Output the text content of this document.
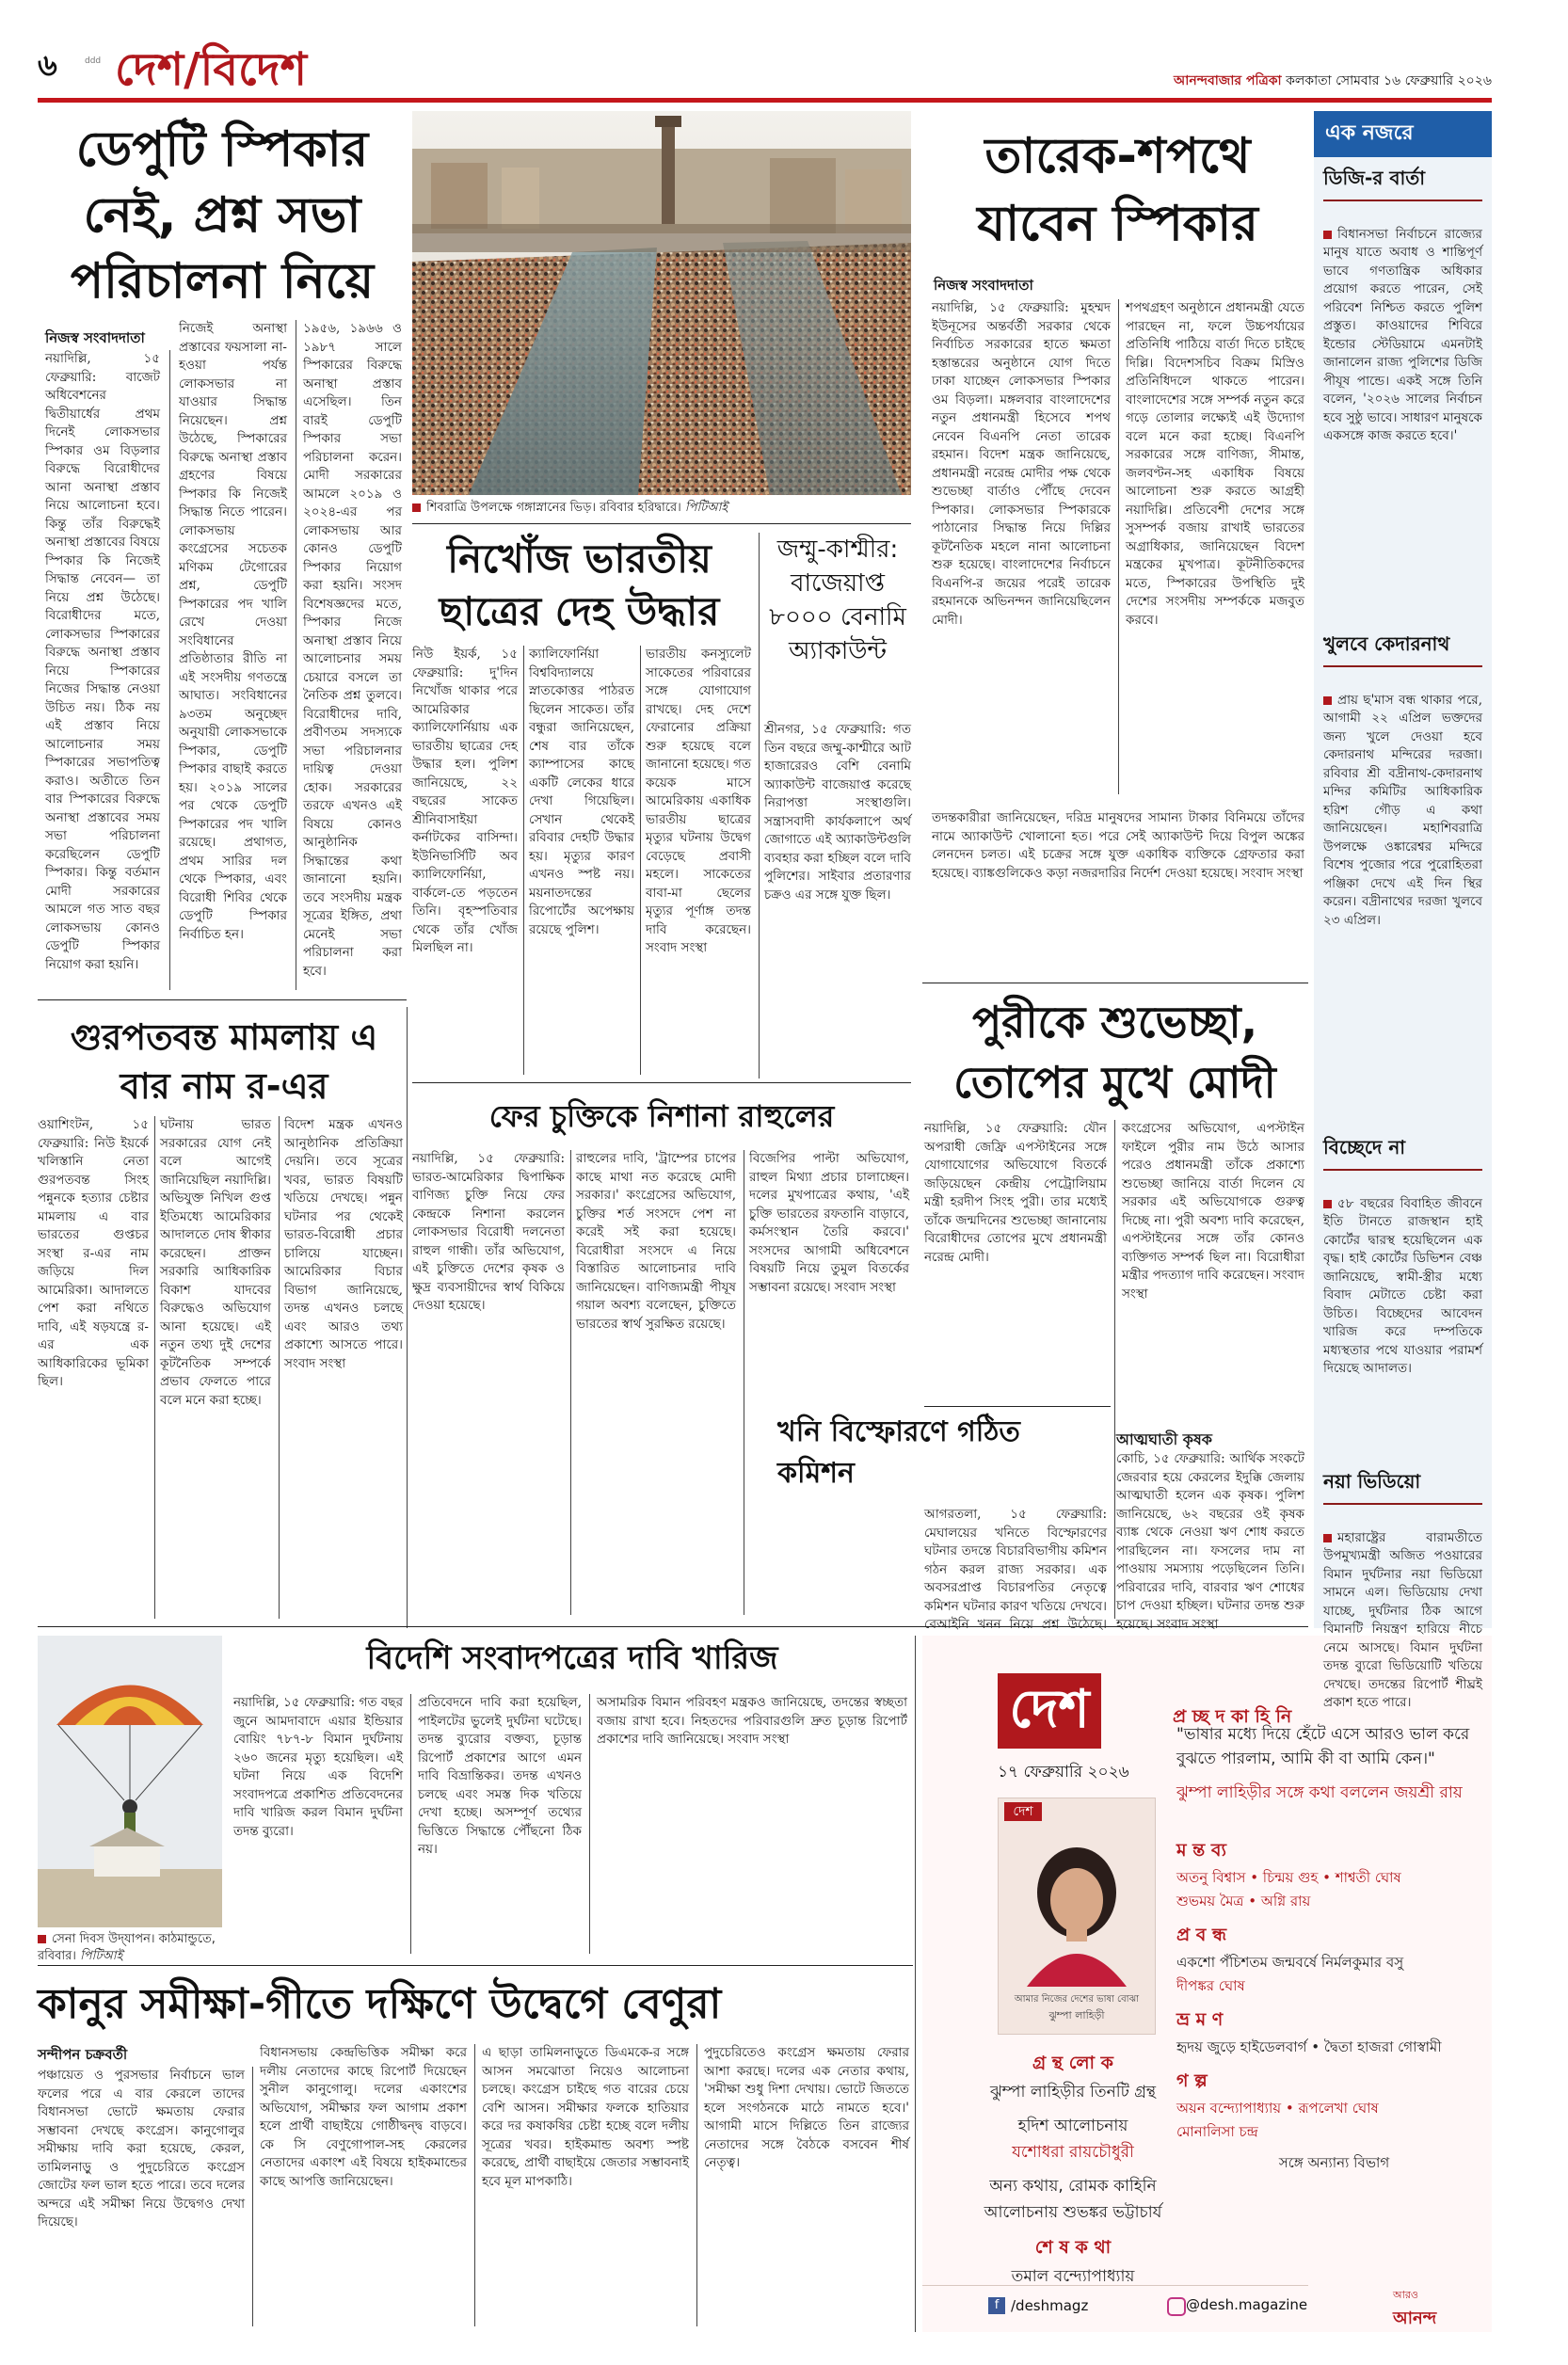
৬	ddd দেশ/বিদেশ	আনন্দবাজার পত্রিকা কলকাতা সোমবার ১৬ ফেব্রুয়ারি ২০২৬
ডেপুটি স্পিকার নেই, প্রশ্ন সভা পরিচালনা নিয়ে
নিজস্ব সংবাদদাতা
নয়াদিল্লি, ১৫ ফেব্রুয়ারি: বাজেট অধিবেশনের দ্বিতীয়ার্ধের প্রথম দিনেই লোকসভার স্পিকার ওম বিড়লার বিরুদ্ধে বিরোধীদের আনা অনাস্থা প্রস্তাব নিয়ে আলোচনা হবে। কিন্তু তাঁর বিরুদ্ধেই অনাস্থা প্রস্তাবের বিষয়ে স্পিকার কি নিজেই সিদ্ধান্ত নেবেন— তা নিয়ে প্রশ্ন উঠেছে। বিরোধীদের মতে, লোকসভার স্পিকারের বিরুদ্ধে অনাস্থা প্রস্তাব নিয়ে স্পিকারের নিজের সিদ্ধান্ত নেওয়া উচিত নয়। ঠিক নয় এই প্রস্তাব নিয়ে আলোচনার সময় স্পিকারের সভাপতিত্ব করাও। অতীতে তিন বার স্পিকারের বিরুদ্ধে অনাস্থা প্রস্তাবের সময় সভা পরিচালনা করেছিলেন ডেপুটি স্পিকার। কিন্তু বর্তমান মোদী সরকারের আমলে গত সাত বছর লোকসভায় কোনও ডেপুটি স্পিকার নিয়োগ করা হয়নি।
নিজেই অনাস্থা প্রস্তাবের ফয়সালা না-হওয়া পর্যন্ত লোকসভার না যাওয়ার সিদ্ধান্ত নিয়েছেন। প্রশ্ন উঠেছে, স্পিকারের বিরুদ্ধে অনাস্থা প্রস্তাব গ্রহণের বিষয়ে স্পিকার কি নিজেই সিদ্ধান্ত নিতে পারেন। লোকসভায় কংগ্রেসের সচেতক মণিকম টেগোরের প্রশ্ন, ডেপুটি স্পিকারের পদ খালি রেখে দেওয়া সংবিধানের প্রতিষ্ঠাতার রীতি না এই সংসদীয় গণতন্ত্রে আঘাত। সংবিধানের ৯৩তম অনুচ্ছেদ অনুযায়ী লোকসভাকে স্পিকার, ডেপুটি স্পিকার বাছাই করতে হয়। ২০১৯ সালের পর থেকে ডেপুটি স্পিকারের পদ খালি রয়েছে। প্রথাগত, প্রথম সারির দল থেকে স্পিকার, এবং বিরোধী শিবির থেকে ডেপুটি স্পিকার নির্বাচিত হন।
১৯৫৬, ১৯৬৬ ও ১৯৮৭ সালে স্পিকারের বিরুদ্ধে অনাস্থা প্রস্তাব এসেছিল। তিন বারই ডেপুটি স্পিকার সভা পরিচালনা করেন। মোদী সরকারের আমলে ২০১৯ ও ২০২৪-এর পর লোকসভায় আর কোনও ডেপুটি স্পিকার নিয়োগ করা হয়নি। সংসদ বিশেষজ্ঞদের মতে, স্পিকার নিজে অনাস্থা প্রস্তাব নিয়ে আলোচনার সময় চেয়ারে বসলে তা নৈতিক প্রশ্ন তুলবে। বিরোধীদের দাবি, প্রবীণতম সদস্যকে সভা পরিচালনার দায়িত্ব দেওয়া হোক। সরকারের তরফে এখনও এই বিষয়ে কোনও আনুষ্ঠানিক সিদ্ধান্তের কথা জানানো হয়নি। তবে সংসদীয় মন্ত্রক সূত্রের ইঙ্গিত, প্রথা মেনেই সভা পরিচালনা করা হবে।
শিবরাত্রি উপলক্ষে গঙ্গাস্নানের ভিড়। রবিবার হরিদ্বারে। পিটিআই
নিখোঁজ ভারতীয় ছাত্রের দেহ উদ্ধার
নিউ ইয়র্ক, ১৫ ফেব্রুয়ারি: দু'দিন নিখোঁজ থাকার পরে আমেরিকার ক্যালিফোর্নিয়ায় এক ভারতীয় ছাত্রের দেহ উদ্ধার হল। পুলিশ জানিয়েছে, ২২ বছরের সাকেত শ্রীনিবাসাইয়া কর্নাটকের বাসিন্দা। ইউনিভার্সিটি অব ক্যালিফোর্নিয়া, বার্কলে-তে পড়তেন তিনি। বৃহস্পতিবার থেকে তাঁর খোঁজ মিলছিল না।
ক্যালিফোর্নিয়া বিশ্ববিদ্যালয়ে স্নাতকোত্তর পাঠরত ছিলেন সাকেত। তাঁর বন্ধুরা জানিয়েছেন, শেষ বার তাঁকে ক্যাম্পাসের কাছে একটি লেকের ধারে দেখা গিয়েছিল। সেখান থেকেই রবিবার দেহটি উদ্ধার হয়। মৃত্যুর কারণ এখনও স্পষ্ট নয়। ময়নাতদন্তের রিপোর্টের অপেক্ষায় রয়েছে পুলিশ।
ভারতীয় কনস্যুলেট সাকেতের পরিবারের সঙ্গে যোগাযোগ রাখছে। দেহ দেশে ফেরানোর প্রক্রিয়া শুরু হয়েছে বলে জানানো হয়েছে। গত কয়েক মাসে আমেরিকায় একাধিক ভারতীয় ছাত্রের মৃত্যুর ঘটনায় উদ্বেগ বেড়েছে প্রবাসী মহলে। সাকেতের বাবা-মা ছেলের মৃত্যুর পূর্ণাঙ্গ তদন্ত দাবি করেছেন। সংবাদ সংস্থা
জম্মু-কাশ্মীর: বাজেয়াপ্ত ৮০০০ বেনামি অ্যাকাউন্ট
শ্রীনগর, ১৫ ফেব্রুয়ারি: গত তিন বছরে জম্মু-কাশ্মীরে আট হাজারেরও বেশি বেনামি অ্যাকাউন্ট বাজেয়াপ্ত করেছে নিরাপত্তা সংস্থাগুলি। সন্ত্রাসবাদী কার্যকলাপে অর্থ জোগাতে এই অ্যাকাউন্টগুলি ব্যবহার করা হচ্ছিল বলে দাবি পুলিশের। সাইবার প্রতারণার চক্রও এর সঙ্গে যুক্ত ছিল।
তারেক-শপথে যাবেন স্পিকার
নিজস্ব সংবাদদাতা
নয়াদিল্লি, ১৫ ফেব্রুয়ারি: মুহম্মদ ইউনূসের অন্তর্বর্তী সরকার থেকে নির্বাচিত সরকারের হাতে ক্ষমতা হস্তান্তরের অনুষ্ঠানে যোগ দিতে ঢাকা যাচ্ছেন লোকসভার স্পিকার ওম বিড়লা। মঙ্গলবার বাংলাদেশের নতুন প্রধানমন্ত্রী হিসেবে শপথ নেবেন বিএনপি নেতা তারেক রহমান। বিদেশ মন্ত্রক জানিয়েছে, প্রধানমন্ত্রী নরেন্দ্র মোদীর পক্ষ থেকে শুভেচ্ছা বার্তাও পৌঁছে দেবেন স্পিকার। লোকসভার স্পিকারকে পাঠানোর সিদ্ধান্ত নিয়ে দিল্লির কূটনৈতিক মহলে নানা আলোচনা শুরু হয়েছে। বাংলাদেশের নির্বাচনে বিএনপি-র জয়ের পরেই তারেক রহমানকে অভিনন্দন জানিয়েছিলেন মোদী।
শপথগ্রহণ অনুষ্ঠানে প্রধানমন্ত্রী যেতে পারছেন না, ফলে উচ্চপর্যায়ের প্রতিনিধি পাঠিয়ে বার্তা দিতে চাইছে দিল্লি। বিদেশসচিব বিক্রম মিস্রিও প্রতিনিধিদলে থাকতে পারেন। বাংলাদেশের সঙ্গে সম্পর্ক নতুন করে গড়ে তোলার লক্ষ্যেই এই উদ্যোগ বলে মনে করা হচ্ছে। বিএনপি সরকারের সঙ্গে বাণিজ্য, সীমান্ত, জলবণ্টন-সহ একাধিক বিষয়ে আলোচনা শুরু করতে আগ্রহী নয়াদিল্লি। প্রতিবেশী দেশের সঙ্গে সুসম্পর্ক বজায় রাখাই ভারতের অগ্রাধিকার, জানিয়েছেন বিদেশ মন্ত্রকের মুখপাত্র। কূটনীতিকদের মতে, স্পিকারের উপস্থিতি দুই দেশের সংসদীয় সম্পর্ককে মজবুত করবে।
তদন্তকারীরা জানিয়েছেন, দরিদ্র মানুষদের সামান্য টাকার বিনিময়ে তাঁদের নামে অ্যাকাউন্ট খোলানো হত। পরে সেই অ্যাকাউন্ট দিয়ে বিপুল অঙ্কের লেনদেন চলত। এই চক্রের সঙ্গে যুক্ত একাধিক ব্যক্তিকে গ্রেফতার করা হয়েছে। ব্যাঙ্কগুলিকেও কড়া নজরদারির নির্দেশ দেওয়া হয়েছে। সংবাদ সংস্থা
গুরপতবন্ত মামলায় এ বার নাম র-এর
ওয়াশিংটন, ১৫ ফেব্রুয়ারি: নিউ ইয়র্কে খলিস্তানি নেতা গুরপতবন্ত সিংহ পন্নুনকে হত্যার চেষ্টার মামলায় এ বার ভারতের গুপ্তচর সংস্থা র-এর নাম জড়িয়ে দিল আমেরিকা। আদালতে পেশ করা নথিতে দাবি, এই ষড়যন্ত্রে র-এর এক আধিকারিকের ভূমিকা ছিল।
ঘটনায় ভারত সরকারের যোগ নেই বলে আগেই জানিয়েছিল নয়াদিল্লি। অভিযুক্ত নিখিল গুপ্ত ইতিমধ্যে আমেরিকার আদালতে দোষ স্বীকার করেছেন। প্রাক্তন সরকারি আধিকারিক বিকাশ যাদবের বিরুদ্ধেও অভিযোগ আনা হয়েছে। এই নতুন তথ্য দুই দেশের কূটনৈতিক সম্পর্কে প্রভাব ফেলতে পারে বলে মনে করা হচ্ছে।
বিদেশ মন্ত্রক এখনও আনুষ্ঠানিক প্রতিক্রিয়া দেয়নি। তবে সূত্রের খবর, ভারত বিষয়টি খতিয়ে দেখছে। পন্নুন ঘটনার পর থেকেই ভারত-বিরোধী প্রচার চালিয়ে যাচ্ছেন। আমেরিকার বিচার বিভাগ জানিয়েছে, তদন্ত এখনও চলছে এবং আরও তথ্য প্রকাশ্যে আসতে পারে। সংবাদ সংস্থা
ফের চুক্তিকে নিশানা রাহুলের
নয়াদিল্লি, ১৫ ফেব্রুয়ারি: ভারত-আমেরিকার দ্বিপাক্ষিক বাণিজ্য চুক্তি নিয়ে ফের কেন্দ্রকে নিশানা করলেন লোকসভার বিরোধী দলনেতা রাহুল গান্ধী। তাঁর অভিযোগ, এই চুক্তিতে দেশের কৃষক ও ক্ষুদ্র ব্যবসায়ীদের স্বার্থ বিকিয়ে দেওয়া হয়েছে।
রাহুলের দাবি, 'ট্রাম্পের চাপের কাছে মাথা নত করেছে মোদী সরকার।' কংগ্রেসের অভিযোগ, চুক্তির শর্ত সংসদে পেশ না করেই সই করা হয়েছে। বিরোধীরা সংসদে এ নিয়ে বিস্তারিত আলোচনার দাবি জানিয়েছেন। বাণিজ্যমন্ত্রী পীযূষ গয়াল অবশ্য বলেছেন, চুক্তিতে ভারতের স্বার্থ সুরক্ষিত রয়েছে।
বিজেপির পাল্টা অভিযোগ, রাহুল মিথ্যা প্রচার চালাচ্ছেন। দলের মুখপাত্রের কথায়, 'এই চুক্তি ভারতের রফতানি বাড়াবে, কর্মসংস্থান তৈরি করবে।' সংসদের আগামী অধিবেশনে বিষয়টি নিয়ে তুমুল বিতর্কের সম্ভাবনা রয়েছে। সংবাদ সংস্থা
পুরীকে শুভেচ্ছা, তোপের মুখে মোদী
নয়াদিল্লি, ১৫ ফেব্রুয়ারি: যৌন অপরাধী জেফ্রি এপস্টাইনের সঙ্গে যোগাযোগের অভিযোগে বিতর্কে জড়িয়েছেন কেন্দ্রীয় পেট্রোলিয়াম মন্ত্রী হরদীপ সিংহ পুরী। তার মধ্যেই তাঁকে জন্মদিনের শুভেচ্ছা জানানোয় বিরোধীদের তোপের মুখে প্রধানমন্ত্রী নরেন্দ্র মোদী।
কংগ্রেসের অভিযোগ, এপস্টাইন ফাইলে পুরীর নাম উঠে আসার পরেও প্রধানমন্ত্রী তাঁকে প্রকাশ্যে শুভেচ্ছা জানিয়ে বার্তা দিলেন যে সরকার এই অভিযোগকে গুরুত্ব দিচ্ছে না। পুরী অবশ্য দাবি করেছেন, এপস্টাইনের সঙ্গে তাঁর কোনও ব্যক্তিগত সম্পর্ক ছিল না। বিরোধীরা মন্ত্রীর পদত্যাগ দাবি করেছেন। সংবাদ সংস্থা
খনি বিস্ফোরণে গঠিত কমিশন
আগরতলা, ১৫ ফেব্রুয়ারি: মেঘালয়ের খনিতে বিস্ফোরণের ঘটনার তদন্তে বিচারবিভাগীয় কমিশন গঠন করল রাজ্য সরকার। এক অবসরপ্রাপ্ত বিচারপতির নেতৃত্বে কমিশন ঘটনার কারণ খতিয়ে দেখবে। বেআইনি খনন নিয়ে প্রশ্ন উঠেছে।
সেনা দিবস উদ্‌যাপন। কাঠমান্ডুতে, রবিবার। পিটিআই
বিদেশি সংবাদপত্রের দাবি খারিজ
নয়াদিল্লি, ১৫ ফেব্রুয়ারি: গত বছর জুনে আমদাবাদে এয়ার ইন্ডিয়ার বোয়িং ৭৮৭-৮ বিমান দুর্ঘটনায় ২৬০ জনের মৃত্যু হয়েছিল। এই ঘটনা নিয়ে এক বিদেশি সংবাদপত্রে প্রকাশিত প্রতিবেদনের দাবি খারিজ করল বিমান দুর্ঘটনা তদন্ত ব্যুরো।
প্রতিবেদনে দাবি করা হয়েছিল, পাইলটের ভুলেই দুর্ঘটনা ঘটেছে। তদন্ত ব্যুরোর বক্তব্য, চূড়ান্ত রিপোর্ট প্রকাশের আগে এমন দাবি বিভ্রান্তিকর। তদন্ত এখনও চলছে এবং সমস্ত দিক খতিয়ে দেখা হচ্ছে। অসম্পূর্ণ তথ্যের ভিত্তিতে সিদ্ধান্তে পৌঁছনো ঠিক নয়।
অসামরিক বিমান পরিবহণ মন্ত্রকও জানিয়েছে, তদন্তের স্বচ্ছতা বজায় রাখা হবে। নিহতদের পরিবারগুলি দ্রুত চূড়ান্ত রিপোর্ট প্রকাশের দাবি জানিয়েছে। সংবাদ সংস্থা
কানুর সমীক্ষা-গীতে দক্ষিণে উদ্বেগে বেণুরা
সন্দীপন চক্রবর্তী
পঞ্চায়েত ও পুরসভার নির্বাচনে ভাল ফলের পরে এ বার কেরলে তাদের বিধানসভা ভোটে ক্ষমতায় ফেরার সম্ভাবনা দেখছে কংগ্রেস। কানুগোলুর সমীক্ষায় দাবি করা হয়েছে, কেরল, তামিলনাড়ু ও পুদুচেরিতে কংগ্রেস জোটের ফল ভাল হতে পারে। তবে দলের অন্দরে এই সমীক্ষা নিয়ে উদ্বেগও দেখা দিয়েছে।
বিধানসভায় কেন্দ্রভিত্তিক সমীক্ষা করে দলীয় নেতাদের কাছে রিপোর্ট দিয়েছেন সুনীল কানুগোলু। দলের একাংশের অভিযোগ, সমীক্ষার ফল আগাম প্রকাশ হলে প্রার্থী বাছাইয়ে গোষ্ঠীদ্বন্দ্ব বাড়বে। কে সি বেণুগোপাল-সহ কেরলের নেতাদের একাংশ এই বিষয়ে হাইকমান্ডের কাছে আপত্তি জানিয়েছেন।
এ ছাড়া তামিলনাড়ুতে ডিএমকে-র সঙ্গে আসন সমঝোতা নিয়েও আলোচনা চলছে। কংগ্রেস চাইছে গত বারের চেয়ে বেশি আসন। সমীক্ষার ফলকে হাতিয়ার করে দর কষাকষির চেষ্টা হচ্ছে বলে দলীয় সূত্রের খবর। হাইকমান্ড অবশ্য স্পষ্ট করেছে, প্রার্থী বাছাইয়ে জেতার সম্ভাবনাই হবে মূল মাপকাঠি।
পুদুচেরিতেও কংগ্রেস ক্ষমতায় ফেরার আশা করছে। দলের এক নেতার কথায়, 'সমীক্ষা শুধু দিশা দেখায়। ভোটে জিততে হলে সংগঠনকে মাঠে নামতে হবে।' আগামী মাসে দিল্লিতে তিন রাজ্যের নেতাদের সঙ্গে বৈঠকে বসবেন শীর্ষ নেতৃত্ব।
দেশ
১৭ ফেব্রুয়ারি ২০২৬
দেশ
আমার নিজের দেশের ভাষা বোঝা
ঝুম্পা লাহিড়ী
প্র চ্ছ দ কা হি নি
গ্র ন্থ লো ক
ঝুম্পা লাহিড়ীর তিনটি গ্রন্থ
হদিশ আলোচনায়
যশোধরা রায়চৌধুরী
অন্য কথায়, রোমক কাহিনি
আলোচনায় শুভঙ্কর ভট্টাচার্য
শে ষ ক থা
তমাল বন্দ্যোপাধ্যায়
f /deshmagz
"ভাষার মধ্যে দিয়ে হেঁটে এসে আরও ভাল করে বুঝতে পারলাম, আমি কী বা আমি কেন।"
ঝুম্পা লাহিড়ীর সঙ্গে কথা বললেন জয়শ্রী রায়
ম ন্ত ব্য
অতনু বিশ্বাস • চিন্ময় গুহ • শাশ্বতী ঘোষ
শুভময় মৈত্র • অগ্নি রায়
প্র ব ন্ধ
একশো পঁচিশতম জন্মবর্ষে নির্মলকুমার বসু
দীপঙ্কর ঘোষ
ভ্র ম ণ
হৃদয় জুড়ে হাইডেলবার্গ • দ্বৈতা হাজরা গোস্বামী
গ ল্প
অয়ন বন্দ্যোপাধ্যায় • রূপলেখা ঘোষ
মোনালিসা চন্দ্র
সঙ্গে অন্যান্য বিভাগ
@desh.magazine
আরও
আনন্দ
এক নজরে
ডিজি-র বার্তা

বিধানসভা নির্বাচনে রাজ্যের মানুষ যাতে অবাধ ও শান্তিপূর্ণ ভাবে গণতান্ত্রিক অধিকার প্রয়োগ করতে পারেন, সেই পরিবেশ নিশ্চিত করতে পুলিশ প্রস্তুত। কাওয়াদের শিবিরে ইন্ডোর স্টেডিয়ামে এমনটাই জানালেন রাজ্য পুলিশের ডিজি পীযূষ পান্ডে। একই সঙ্গে তিনি বলেন, '২০২৬ সালের নির্বাচন হবে সুষ্ঠু ভাবে। সাধারণ মানুষকে একসঙ্গে কাজ করতে হবে।'

খুলবে কেদারনাথ

প্রায় ছ'মাস বন্ধ থাকার পরে, আগামী ২২ এপ্রিল ভক্তদের জন্য খুলে দেওয়া হবে কেদারনাথ মন্দিরের দরজা। রবিবার শ্রী বদ্রীনাথ-কেদারনাথ মন্দির কমিটির আধিকারিক হরিশ গৌড় এ কথা জানিয়েছেন। মহাশিবরাত্রি উপলক্ষে ওঙ্কারেশ্বর মন্দিরে বিশেষ পুজোর পরে পুরোহিতরা পঞ্জিকা দেখে এই দিন স্থির করেন। বদ্রীনাথের দরজা খুলবে ২৩ এপ্রিল।

বিচ্ছেদে না

৫৮ বছরের বিবাহিত জীবনে ইতি টানতে রাজস্থান হাই কোর্টের দ্বারস্থ হয়েছিলেন এক বৃদ্ধ। হাই কোর্টের ডিভিশন বেঞ্চ জানিয়েছে, স্বামী-স্ত্রীর মধ্যে বিবাদ মেটাতে চেষ্টা করা উচিত। বিচ্ছেদের আবেদন খারিজ করে দম্পতিকে মধ্যস্থতার পথে যাওয়ার পরামর্শ দিয়েছে আদালত।

নয়া ভিডিয়ো

মহারাষ্ট্রের বারামতীতে উপমুখ্যমন্ত্রী অজিত পওয়ারের বিমান দুর্ঘটনার নয়া ভিডিয়ো সামনে এল। ভিডিয়োয় দেখা যাচ্ছে, দুর্ঘটনার ঠিক আগে বিমানটি নিয়ন্ত্রণ হারিয়ে নীচে নেমে আসছে। বিমান দুর্ঘটনা তদন্ত ব্যুরো ভিডিয়োটি খতিয়ে দেখছে। তদন্তের রিপোর্ট শীঘ্রই প্রকাশ হতে পারে।

আত্মঘাতী কৃষক
কোচি, ১৫ ফেব্রুয়ারি: আর্থিক সংকটে জেরবার হয়ে কেরলের ইদুক্কি জেলায় আত্মঘাতী হলেন এক কৃষক। পুলিশ জানিয়েছে, ৬২ বছরের ওই কৃষক ব্যাঙ্ক থেকে নেওয়া ঋণ শোধ করতে পারছিলেন না। ফসলের দাম না পাওয়ায় সমস্যায় পড়েছিলেন তিনি। পরিবারের দাবি, বারবার ঋণ শোধের চাপ দেওয়া হচ্ছিল। ঘটনার তদন্ত শুরু হয়েছে। সংবাদ সংস্থা
